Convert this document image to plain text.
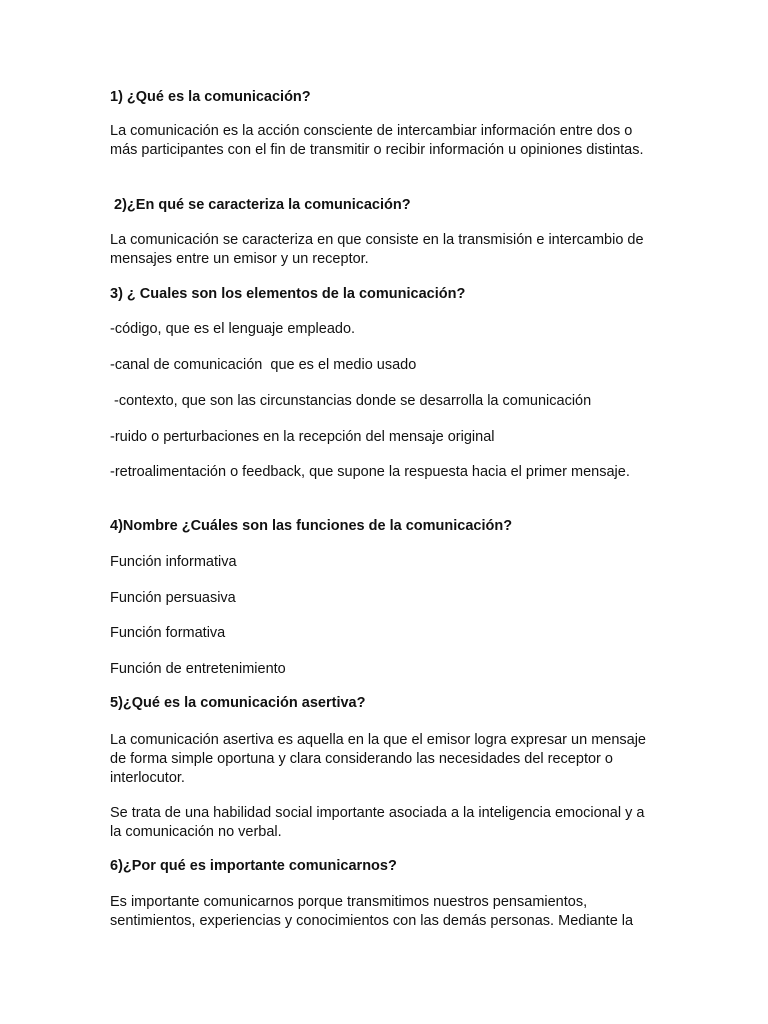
1) ¿Qué es la comunicación?
La comunicación es la acción consciente de intercambiar información entre dos o más participantes con el fin de transmitir o recibir información u opiniones distintas.
2)¿En qué se caracteriza la comunicación?
La comunicación se caracteriza en que consiste en la transmisión e intercambio de mensajes entre un emisor y un receptor.
3) ¿ Cuales son los elementos de la comunicación?
-código, que es el lenguaje empleado.
-canal de comunicación  que es el medio usado
-contexto, que son las circunstancias donde se desarrolla la comunicación
-ruido o perturbaciones en la recepción del mensaje original
-retroalimentación o feedback, que supone la respuesta hacia el primer mensaje.
4)Nombre ¿Cuáles son las funciones de la comunicación?
Función informativa
Función persuasiva
Función formativa
Función de entretenimiento
5)¿Qué es la comunicación asertiva?
La comunicación asertiva es aquella en la que el emisor logra expresar un mensaje de forma simple oportuna y clara considerando las necesidades del receptor o interlocutor.
Se trata de una habilidad social importante asociada a la inteligencia emocional y a la comunicación no verbal.
6)¿Por qué es importante comunicarnos?
Es importante comunicarnos porque transmitimos nuestros pensamientos, sentimientos, experiencias y conocimientos con las demás personas. Mediante la
